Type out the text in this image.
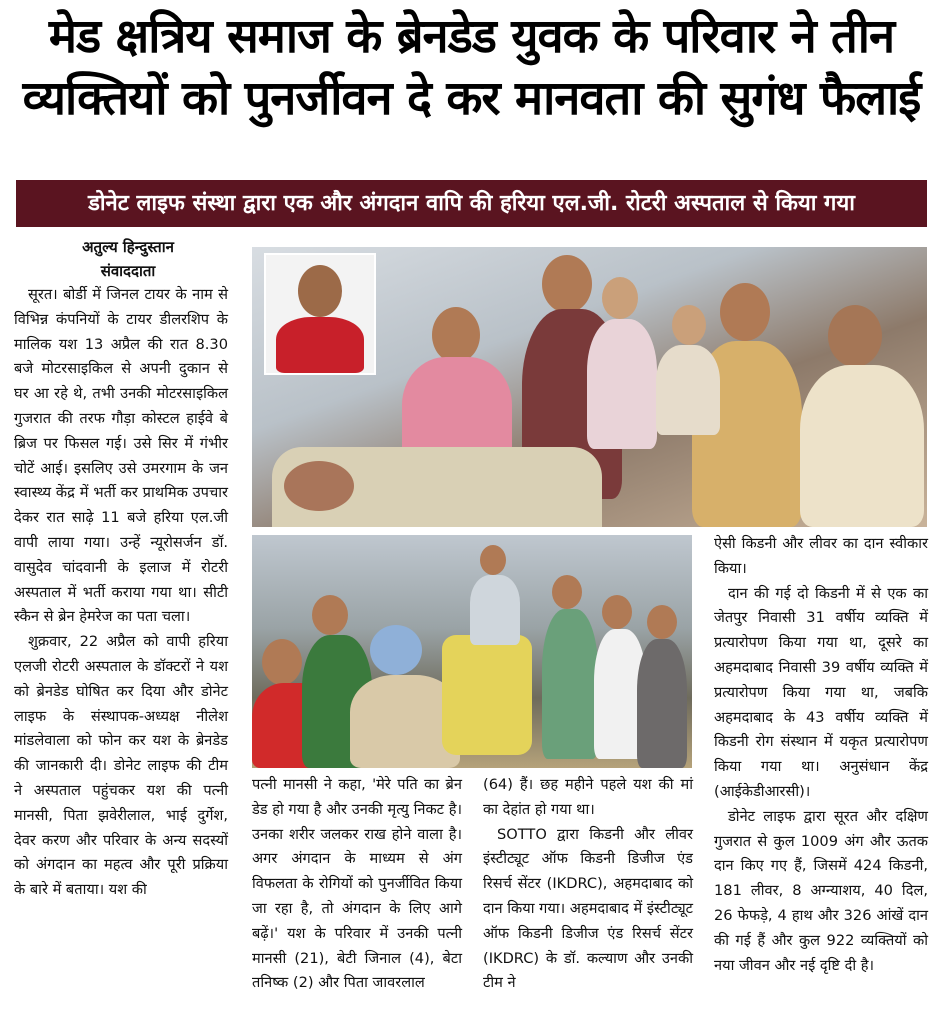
मेड क्षत्रिय समाज के ब्रेनडेड युवक के परिवार ने तीन
व्यक्तियों को पुनर्जीवन दे कर मानवता की सुगंध फैलाई
डोनेट लाइफ संस्था द्वारा एक और अंगदान वापि की हरिया एल.जी. रोटरी अस्पताल से किया गया

अतुल्य हिन्दुस्तान

संवाददाता

सूरत। बोर्डी में जिनल टायर के नाम से विभिन्न कंपनियों के टायर डीलरशिप के मालिक यश 13 अप्रैल की रात 8.30 बजे मोटरसाइकिल से अपनी दुकान से घर आ रहे थे, तभी उनकी मोटरसाइकिल गुजरात की तरफ गौड़ा कोस्टल हाईवे बे ब्रिज पर फिसल गई। उसे सिर में गंभीर चोटें आई। इसलिए उसे उमरगाम के जन स्वास्थ्य केंद्र में भर्ती कर प्राथमिक उपचार देकर रात साढ़े 11 बजे हरिया एल.जी वापी लाया गया। उन्हें न्यूरोसर्जन डॉ. वासुदेव चांदवानी के इलाज में रोटरी अस्पताल में भर्ती कराया गया था। सीटी स्कैन से ब्रेन हेमरेज का पता चला।

शुक्रवार, 22 अप्रैल को वापी हरिया एलजी रोटरी अस्पताल के डॉक्टरों ने यश को ब्रेनडेड घोषित कर दिया और डोनेट लाइफ के संस्थापक-अध्यक्ष नीलेश मांडलेवाला को फोन कर यश के ब्रेनडेड की जानकारी दी। डोनेट लाइफ की टीम ने अस्पताल पहुंचकर यश की पत्नी मानसी, पिता झवेरीलाल, भाई दुर्गेश, देवर करण और परिवार के अन्य सदस्यों को अंगदान का महत्व और पूरी प्रक्रिया के बारे में बताया। यश की

पत्नी मानसी ने कहा, 'मेरे पति का ब्रेन डेड हो गया है और उनकी मृत्यु निकट है। उनका शरीर जलकर राख होने वाला है। अगर अंगदान के माध्यम से अंग विफलता के रोगियों को पुनर्जीवित किया जा रहा है, तो अंगदान के लिए आगे बढ़ें।' यश के परिवार में उनकी पत्नी मानसी (21), बेटी जिनाल (4), बेटा तनिष्क (2) और पिता जावरलाल

(64) हैं। छह महीने पहले यश की मां का देहांत हो गया था।

SOTTO द्वारा किडनी और लीवर इंस्टीट्यूट ऑफ किडनी डिजीज एंड रिसर्च सेंटर (IKDRC), अहमदाबाद को दान किया गया। अहमदाबाद में इंस्टीट्यूट ऑफ किडनी डिजीज एंड रिसर्च सेंटर (IKDRC) के डॉ. कल्याण और उनकी टीम ने

ऐसी किडनी और लीवर का दान स्वीकार किया।

दान की गई दो किडनी में से एक का जेतपुर निवासी 31 वर्षीय व्यक्ति में प्रत्यारोपण किया गया था, दूसरे का अहमदाबाद निवासी 39 वर्षीय व्यक्ति में प्रत्यारोपण किया गया था, जबकि अहमदाबाद के 43 वर्षीय व्यक्ति में किडनी रोग संस्थान में यकृत प्रत्यारोपण किया गया था। अनुसंधान केंद्र (आईकेडीआरसी)।

डोनेट लाइफ द्वारा सूरत और दक्षिण गुजरात से कुल 1009 अंग और ऊतक दान किए गए हैं, जिसमें 424 किडनी, 181 लीवर, 8 अग्न्याशय, 40 दिल, 26 फेफड़े, 4 हाथ और 326 आंखें दान की गई हैं और कुल 922 व्यक्तियों को नया जीवन और नई दृष्टि दी है।
